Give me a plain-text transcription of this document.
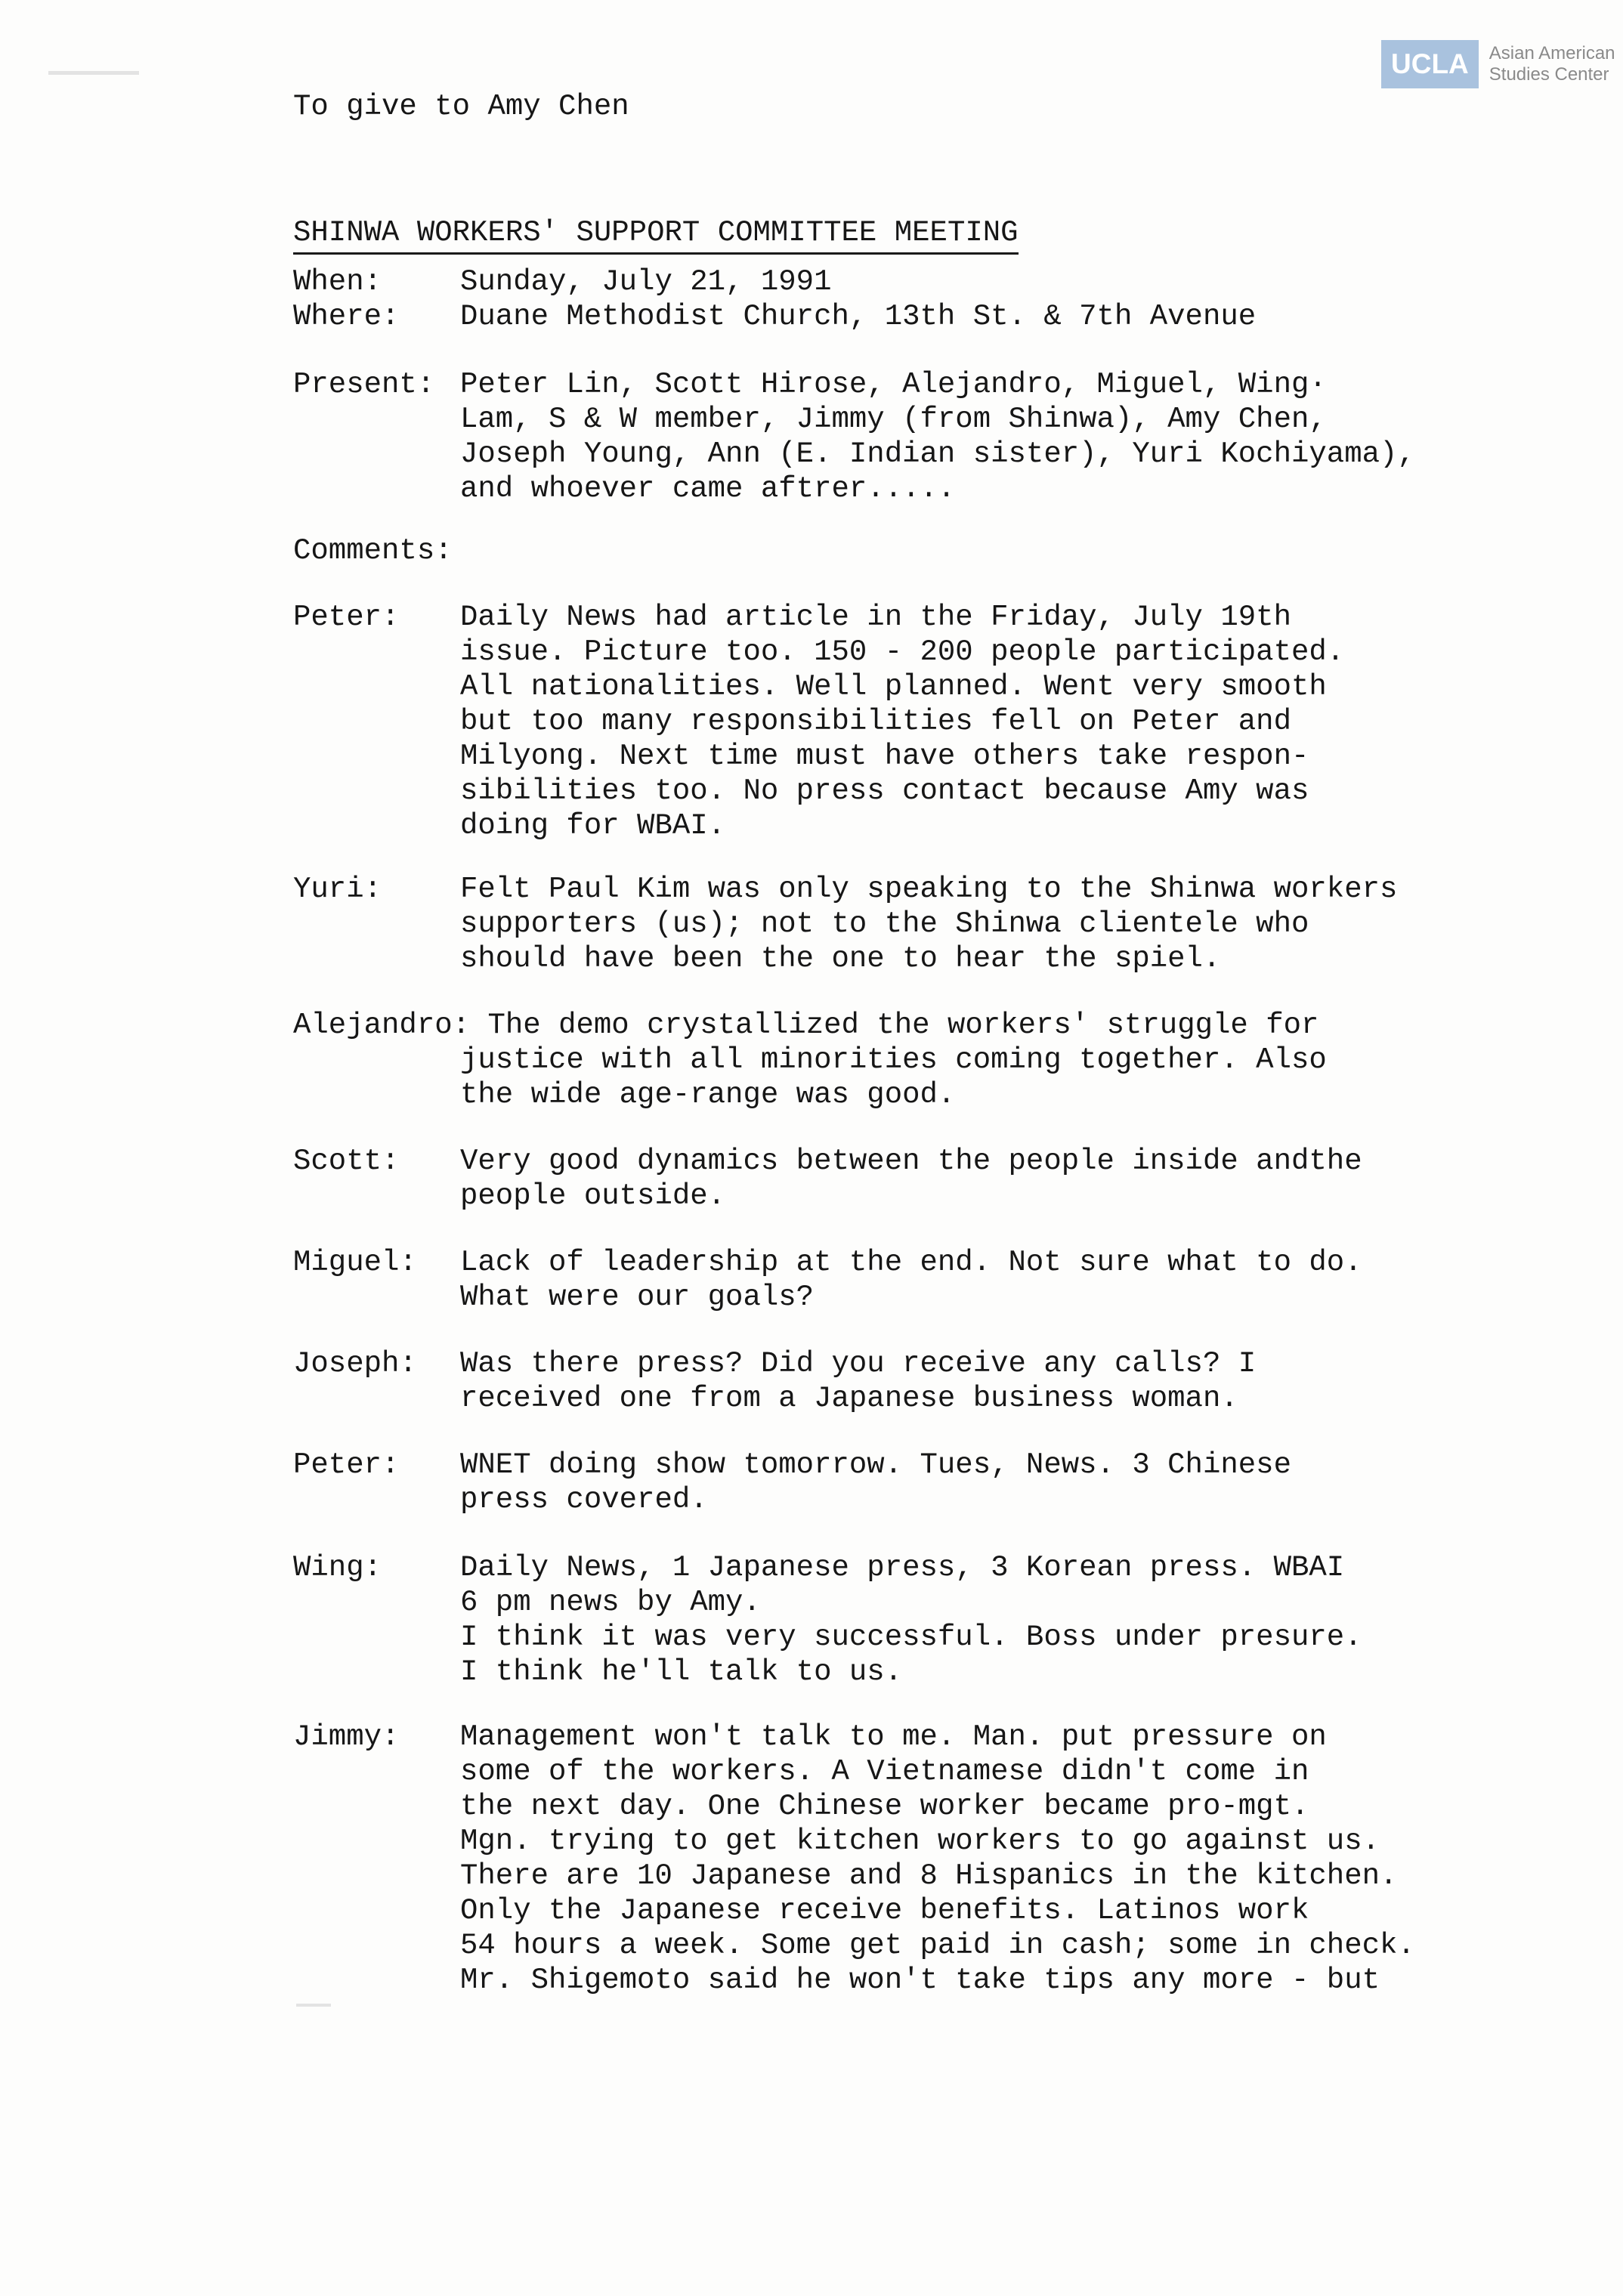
UCLA	Asian American
Studies Center
To give to Amy Chen
SHINWA WORKERS' SUPPORT COMMITTEE MEETING
When:	Sunday, July 21, 1991
Where: Duane Methodist Church, 13th St. & 7th Avenue
Present: Peter Lin, Scott Hirose, Alejandro, Miguel, Wing·
Lam, S & W member, Jimmy (from Shinwa), Amy Chen,
Joseph Young, Ann (E. Indian sister), Yuri Kochiyama),
and whoever came aftrer.....
Comments:
Peter: Daily News had article in the Friday, July 19th
issue. Picture too. 150 - 200 people participated.
All nationalities. Well planned. Went very smooth
but too many responsibilities fell on Peter and
Milyong. Next time must have others take respon-
sibilities too. No press contact because Amy was
doing for WBAI.
Yuri:	Felt Paul Kim was only speaking to the Shinwa workers
supporters (us); not to the Shinwa clientele who
should have been the one to hear the spiel.
Alejandro: The demo crystallized the workers' struggle for
justice with all minorities coming together. Also
the wide age-range was good.
Scott: Very good dynamics between the people inside andthe
people outside.
Miguel: Lack of leadership at the end. Not sure what to do.
What were our goals?
Joseph: Was there press? Did you receive any calls? I
received one from a Japanese business woman.
Peter: WNET doing show tomorrow. Tues, News. 3 Chinese
press covered.
Wing:	Daily News, 1 Japanese press, 3 Korean press. WBAI
6 pm news by Amy.
I think it was very successful. Boss under presure.
I think he'll talk to us.
Jimmy: Management won't talk to me. Man. put pressure on
some of the workers. A Vietnamese didn't come in
the next day. One Chinese worker became pro-mgt.
Mgn. trying to get kitchen workers to go against us.
There are 10 Japanese and 8 Hispanics in the kitchen.
Only the Japanese receive benefits. Latinos work
54 hours a week. Some get paid in cash; some in check.
Mr. Shigemoto said he won't take tips any more - but
